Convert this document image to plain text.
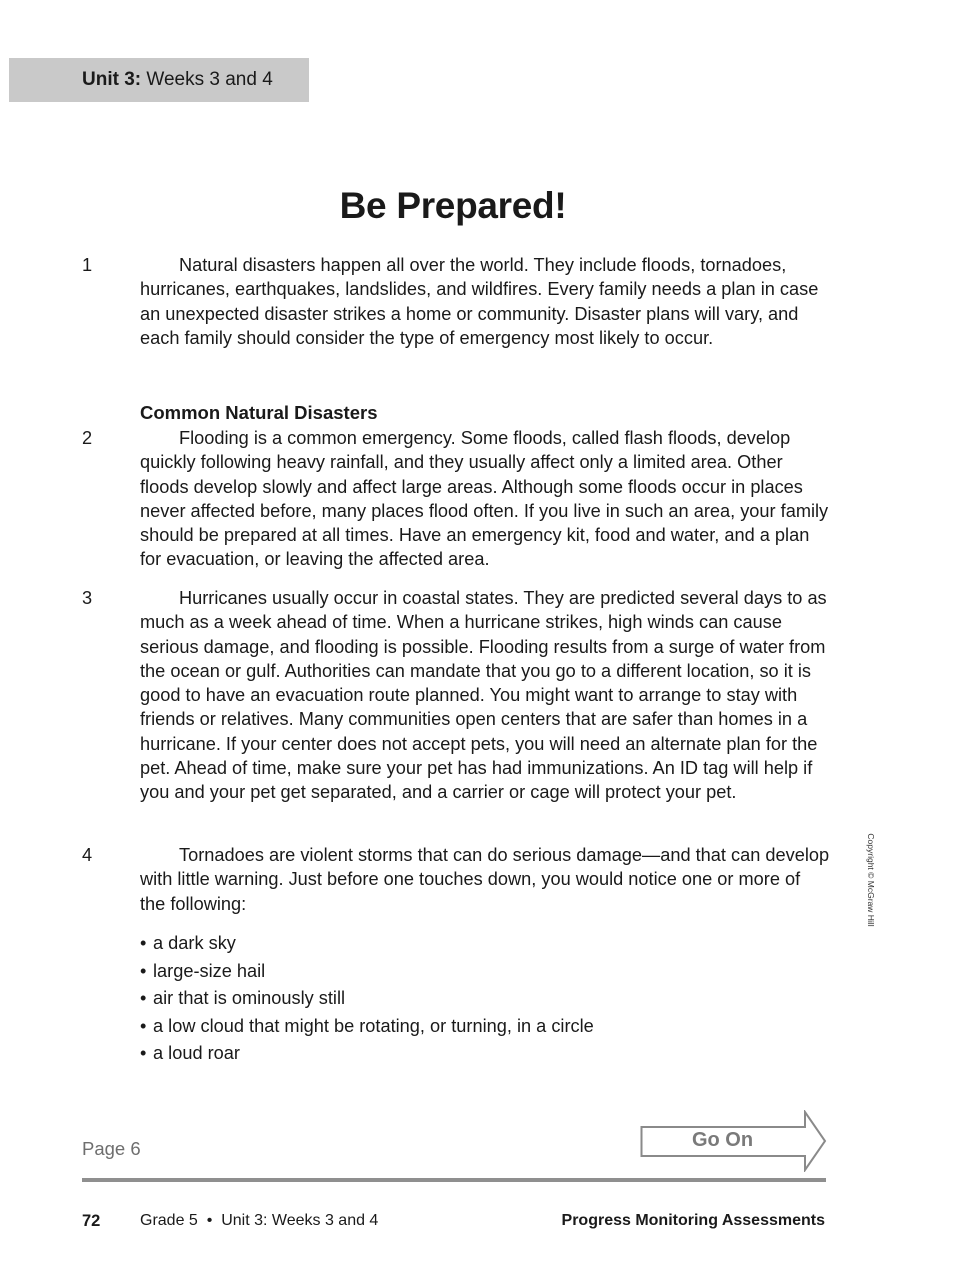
Unit 3: Weeks 3 and 4
Be Prepared!
1	Natural disasters happen all over the world. They include floods, tornadoes, hurricanes, earthquakes, landslides, and wildfires. Every family needs a plan in case an unexpected disaster strikes a home or community. Disaster plans will vary, and each family should consider the type of emergency most likely to occur.

Common Natural Disasters
2	Flooding is a common emergency. Some floods, called flash floods, develop quickly following heavy rainfall, and they usually affect only a limited area. Other floods develop slowly and affect large areas. Although some floods occur in places never affected before, many places flood often. If you live in such an area, your family should be prepared at all times. Have an emergency kit, food and water, and a plan for evacuation, or leaving the affected area.

3	Hurricanes usually occur in coastal states. They are predicted several days to as much as a week ahead of time. When a hurricane strikes, high winds can cause serious damage, and flooding is possible. Flooding results from a surge of water from the ocean or gulf. Authorities can mandate that you go to a different location, so it is good to have an evacuation route planned. You might want to arrange to stay with friends or relatives. Many communities open centers that are safer than homes in a hurricane. If your center does not accept pets, you will need an alternate plan for the pet. Ahead of time, make sure your pet has had immunizations. An ID tag will help if you and your pet get separated, and a carrier or cage will protect your pet.

4	Tornadoes are violent storms that can do serious damage—and that can develop with little warning. Just before one touches down, you would notice one or more of the following:

• a dark sky
• large-size hail
• air that is ominously still
• a low cloud that might be rotating, or turning, in a circle
• a loud roar
Copyright © McGraw Hill
Page 6	Go On
72 Grade 5 • Unit 3: Weeks 3 and 4	Progress Monitoring Assessments
